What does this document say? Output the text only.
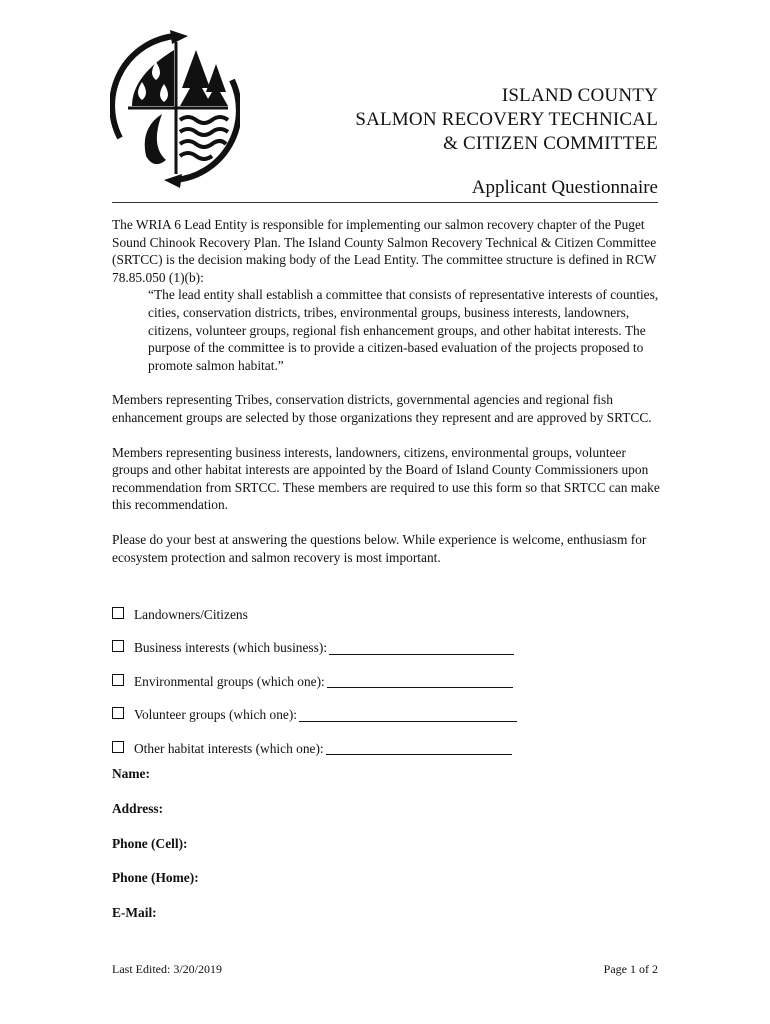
ISLAND COUNTY
SALMON RECOVERY TECHNICAL
& CITIZEN COMMITTEE
Applicant Questionnaire

The WRIA 6 Lead Entity is responsible for implementing our salmon recovery chapter of the Puget Sound Chinook Recovery Plan. The Island County Salmon Recovery Technical & Citizen Committee (SRTCC) is the decision making body of the Lead Entity. The committee structure is defined in RCW 78.85.050 (1)(b):

“The lead entity shall establish a committee that consists of representative interests of counties, cities, conservation districts, tribes, environmental groups, business interests, landowners, citizens, volunteer groups, regional fish enhancement groups, and other habitat interests. The purpose of the committee is to provide a citizen-based evaluation of the projects proposed to promote salmon habitat.”

Members representing Tribes, conservation districts, governmental agencies and regional fish enhancement groups are selected by those organizations they represent and are approved by SRTCC.

Members representing business interests, landowners, citizens, environmental groups, volunteer groups and other habitat interests are appointed by the Board of Island County Commissioners upon recommendation from SRTCC. These members are required to use this form so that SRTCC can make this recommendation.

Please do your best at answering the questions below. While experience is welcome, enthusiasm for ecosystem protection and salmon recovery is most important.

Landowners/Citizens
Business interests (which business):
Environmental groups (which one):
Volunteer groups (which one):
Other habitat interests (which one):
Name:
Address:
Phone (Cell):
Phone (Home):
E-Mail:
Last Edited: 3/20/2019	Page 1 of 2
